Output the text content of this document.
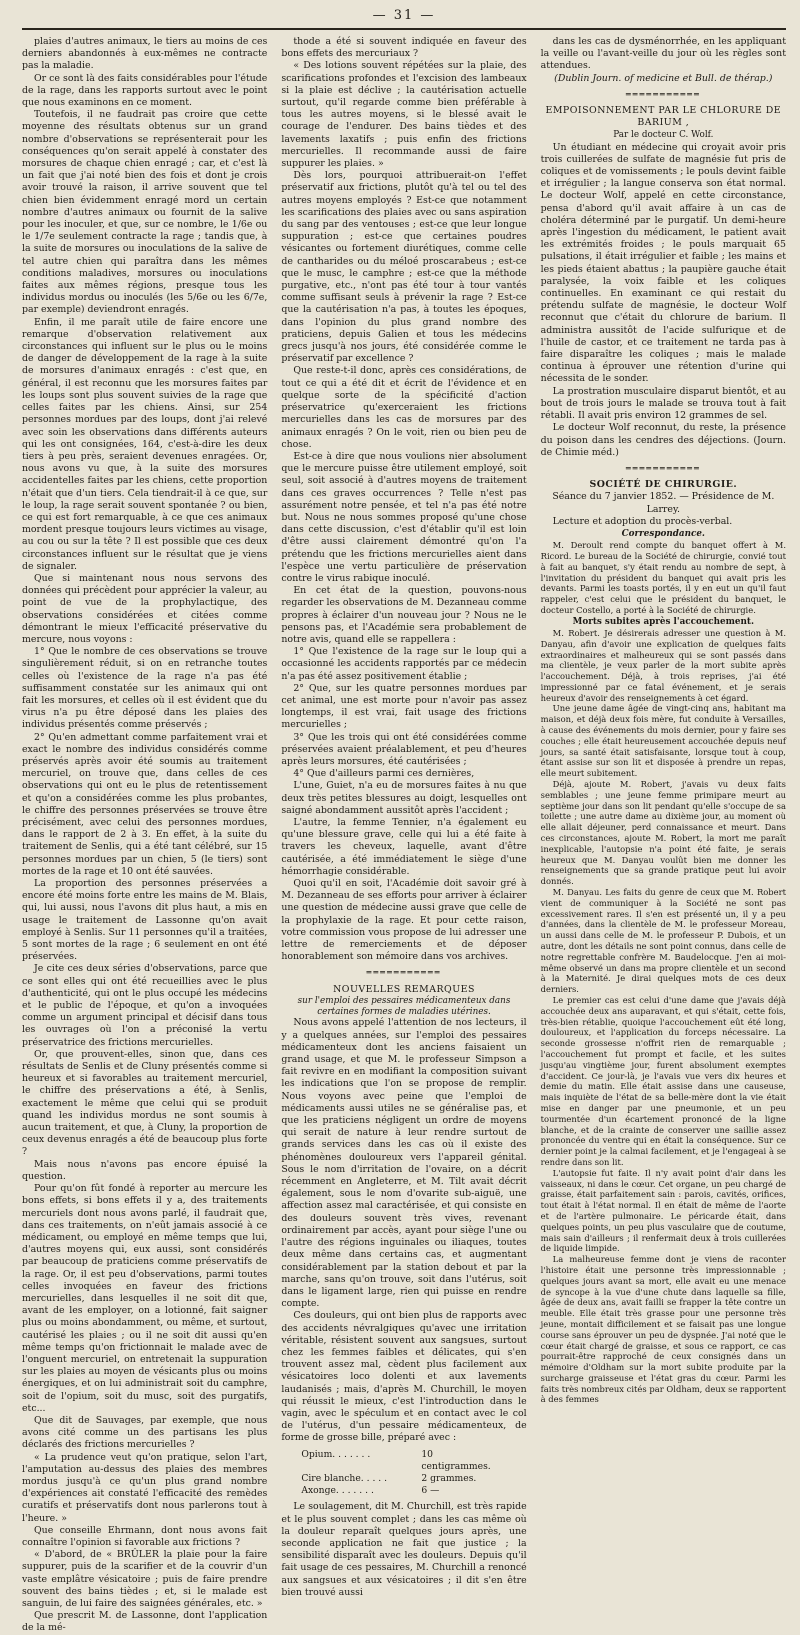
— 31 —

plaies d'autres animaux, le tiers au moins de ces derniers abandonnés à eux-mêmes ne contracte pas la maladie.

Or ce sont là des faits considérables pour l'étude de la rage, dans les rapports surtout avec le point que nous examinons en ce moment.

Toutefois, il ne faudrait pas croire que cette moyenne des résultats obtenus sur un grand nombre d'observations se représenterait pour les conséquences qu'on serait appelé à constater des morsures de chaque chien enragé ; car, et c'est là un fait que j'ai noté bien des fois et dont je crois avoir trouvé la raison, il arrive souvent que tel chien bien évidemment enragé mord un certain nombre d'autres animaux ou fournit de la salive pour les inoculer, et que, sur ce nombre, le 1/6e ou le 1/7e seulement contracte la rage ; tandis que, à la suite de morsures ou inoculations de la salive de tel autre chien qui paraîtra dans les mêmes conditions maladives, morsures ou inoculations faites aux mêmes régions, presque tous les individus mordus ou inoculés (les 5/6e ou les 6/7e, par exemple) deviendront enragés.

Enfin, il me paraît utile de faire encore une remarque d'observation relativement aux circonstances qui influent sur le plus ou le moins de danger de développement de la rage à la suite de morsures d'animaux enragés : c'est que, en général, il est reconnu que les morsures faites par les loups sont plus souvent suivies de la rage que celles faites par les chiens. Ainsi, sur 254 personnes mordues par des loups, dont j'ai relevé avec soin les observations dans différents auteurs qui les ont consignées, 164, c'est-à-dire les deux tiers à peu près, seraient devenues enragées. Or, nous avons vu que, à la suite des morsures accidentelles faites par les chiens, cette proportion n'était que d'un tiers. Cela tiendrait-il à ce que, sur le loup, la rage serait souvent spontanée ? ou bien, ce qui est fort remarquable, à ce que ces animaux mordent presque toujours leurs victimes au visage, au cou ou sur la tête ? Il est possible que ces deux circonstances influent sur le résultat que je viens de signaler.

Que si maintenant nous nous servons des données qui précèdent pour apprécier la valeur, au point de vue de la prophylactique, des observations considérées et citées comme démontrant le mieux l'efficacité préservative du mercure, nous voyons :

1° Que le nombre de ces observations se trouve singulièrement réduit, si on en retranche toutes celles où l'existence de la rage n'a pas été suffisamment constatée sur les animaux qui ont fait les morsures, et celles où il est évident que du virus n'a pu être déposé dans les plaies des individus présentés comme préservés ;

2° Qu'en admettant comme parfaitement vrai et exact le nombre des individus considérés comme préservés après avoir été soumis au traitement mercuriel, on trouve que, dans celles de ces observations qui ont eu le plus de retentissement et qu'on a considérées comme les plus probantes, le chiffre des personnes préservées se trouve être précisément, avec celui des personnes mordues, dans le rapport de 2 à 3. En effet, à la suite du traitement de Senlis, qui a été tant célébré, sur 15 personnes mordues par un chien, 5 (le tiers) sont mortes de la rage et 10 ont été sauvées.

La proportion des personnes préservées a encore été moins forte entre les mains de M. Blais, qui, lui aussi, nous l'avons dit plus haut, a mis en usage le traitement de Lassonne qu'on avait employé à Senlis. Sur 11 personnes qu'il a traitées, 5 sont mortes de la rage ; 6 seulement en ont été préservées.

Je cite ces deux séries d'observations, parce que ce sont elles qui ont été recueillies avec le plus d'authenticité, qui ont le plus occupé les médecins et le public de l'époque, et qu'on a invoquées comme un argument principal et décisif dans tous les ouvrages où l'on a préconisé la vertu préservatrice des frictions mercurielles.

Or, que prouvent-elles, sinon que, dans ces résultats de Senlis et de Cluny présentés comme si heureux et si favorables au traitement mercuriel, le chiffre des préservations a été, à Senlis, exactement le même que celui qui se produit quand les individus mordus ne sont soumis à aucun traitement, et que, à Cluny, la proportion de ceux devenus enragés a été de beaucoup plus forte ?

Mais nous n'avons pas encore épuisé la question.

Pour qu'on fût fondé à reporter au mercure les bons effets, si bons effets il y a, des traitements mercuriels dont nous avons parlé, il faudrait que, dans ces traitements, on n'eût jamais associé à ce médicament, ou employé en même temps que lui, d'autres moyens qui, eux aussi, sont considérés par beaucoup de praticiens comme préservatifs de la rage. Or, il est peu d'observations, parmi toutes celles invoquées en faveur des frictions mercurielles, dans lesquelles il ne soit dit que, avant de les employer, on a lotionné, fait saigner plus ou moins abondamment, ou même, et surtout, cautérisé les plaies ; ou il ne soit dit aussi qu'en même temps qu'on frictionnait le malade avec de l'onguent mercuriel, on entretenait la suppuration sur les plaies au moyen de vésicants plus ou moins énergiques, et on lui administrait soit du camphre, soit de l'opium, soit du musc, soit des purgatifs, etc...

Que dit de Sauvages, par exemple, que nous avons cité comme un des partisans les plus déclarés des frictions mercurielles ?

« La prudence veut qu'on pratique, selon l'art, l'amputation au-dessus des plaies des membres mordus jusqu'à ce qu'un plus grand nombre d'expériences ait constaté l'efficacité des remèdes curatifs et préservatifs dont nous parlerons tout à l'heure. »

Que conseille Ehrmann, dont nous avons fait connaître l'opinion si favorable aux frictions ?

« D'abord, de « BRÛLER la plaie pour la faire suppurer, puis de la scarifier et de la couvrir d'un vaste emplâtre vésicatoire ; puis de faire prendre souvent des bains tièdes ; et, si le malade est sanguin, de lui faire des saignées générales, etc. »

Que prescrit M. de Lassonne, dont l'application de la mé-

thode a été si souvent indiquée en faveur des bons effets des mercuriaux ?

« Des lotions souvent répétées sur la plaie, des scarifications profondes et l'excision des lambeaux si la plaie est déclive ; la cautérisation actuelle surtout, qu'il regarde comme bien préférable à tous les autres moyens, si le blessé avait le courage de l'endurer. Des bains tièdes et des lavements laxatifs ; puis enfin des frictions mercurielles. Il recommande aussi de faire suppurer les plaies. »

Dès lors, pourquoi attribuerait-on l'effet préservatif aux frictions, plutôt qu'à tel ou tel des autres moyens employés ? Est-ce que notamment les scarifications des plaies avec ou sans aspiration du sang par des ventouses ; est-ce que leur longue suppuration ; est-ce que certaines poudres vésicantes ou fortement diurétiques, comme celle de cantharides ou du méloé proscarabeus ; est-ce que le musc, le camphre ; est-ce que la méthode purgative, etc., n'ont pas été tour à tour vantés comme suffisant seuls à prévenir la rage ? Est-ce que la cautérisation n'a pas, à toutes les époques, dans l'opinion du plus grand nombre des praticiens, depuis Galien et tous les médecins grecs jusqu'à nos jours, été considérée comme le préservatif par excellence ?

Que reste-t-il donc, après ces considérations, de tout ce qui a été dit et écrit de l'évidence et en quelque sorte de la spécificité d'action préservatrice qu'exerceraient les frictions mercurielles dans les cas de morsures par des animaux enragés ? On le voit, rien ou bien peu de chose.

Est-ce à dire que nous voulions nier absolument que le mercure puisse être utilement employé, soit seul, soit associé à d'autres moyens de traitement dans ces graves occurrences ? Telle n'est pas assurément notre pensée, et tel n'a pas été notre but. Nous ne nous sommes proposé qu'une chose dans cette discussion, c'est d'établir qu'il est loin d'être aussi clairement démontré qu'on l'a prétendu que les frictions mercurielles aient dans l'espèce une vertu particulière de préservation contre le virus rabique inoculé.

En cet état de la question, pouvons-nous regarder les observations de M. Dezanneau comme propres à éclairer d'un nouveau jour ? Nous ne le pensons pas, et l'Académie sera probablement de notre avis, quand elle se rappellera :

1° Que l'existence de la rage sur le loup qui a occasionné les accidents rapportés par ce médecin n'a pas été assez positivement établie ;

2° Que, sur les quatre personnes mordues par cet animal, une est morte pour n'avoir pas assez longtemps, il est vrai, fait usage des frictions mercurielles ;

3° Que les trois qui ont été considérées comme préservées avaient préalablement, et peu d'heures après leurs morsures, été cautérisées ;

4° Que d'ailleurs parmi ces dernières,

L'une, Guiet, n'a eu de morsures faites à nu que deux très petites blessures au doigt, lesquelles ont saigné abondamment aussitôt après l'accident ;

L'autre, la femme Tennier, n'a également eu qu'une blessure grave, celle qui lui a été faite à travers les cheveux, laquelle, avant d'être cautérisée, a été immédiatement le siège d'une hémorrhagie considérable.

Quoi qu'il en soit, l'Académie doit savoir gré à M. Dezanneau de ses efforts pour arriver à éclairer une question de médecine aussi grave que celle de la prophylaxie de la rage. Et pour cette raison, votre commission vous propose de lui adresser une lettre de remerciements et de déposer honorablement son mémoire dans vos archives.

═══════════

NOUVELLES REMARQUES

sur l'emploi des pessaires médicamenteux dans certaines formes de maladies utérines.

Nous avons appelé l'attention de nos lecteurs, il y a quelques années, sur l'emploi des pessaires médicamenteux dont les anciens faisaient un grand usage, et que M. le professeur Simpson a fait revivre en en modifiant la composition suivant les indications que l'on se propose de remplir. Nous voyons avec peine que l'emploi de médicaments aussi utiles ne se généralise pas, et que les praticiens négligent un ordre de moyens qui serait de nature à leur rendre surtout de grands services dans les cas où il existe des phénomènes douloureux vers l'appareil génital. Sous le nom d'irritation de l'ovaire, on a décrit récemment en Angleterre, et M. Tilt avait décrit également, sous le nom d'ovarite sub-aiguë, une affection assez mal caractérisée, et qui consiste en des douleurs souvent très vives, revenant ordinairement par accès, ayant pour siège l'une ou l'autre des régions inguinales ou iliaques, toutes deux même dans certains cas, et augmentant considérablement par la station debout et par la marche, sans qu'on trouve, soit dans l'utérus, soit dans le ligament large, rien qui puisse en rendre compte.

Ces douleurs, qui ont bien plus de rapports avec des accidents névralgiques qu'avec une irritation véritable, résistent souvent aux sangsues, surtout chez les femmes faibles et délicates, qui s'en trouvent assez mal, cèdent plus facilement aux vésicatoires loco dolenti et aux lavements laudanisés ; mais, d'après M. Churchill, le moyen qui réussit le mieux, c'est l'introduction dans le vagin, avec le spéculum et en contact avec le col de l'utérus, d'un pessaire médicamenteux, de forme de grosse bille, préparé avec :

Opium. . . . . . .	10 centigrammes.
Cire blanche. . . . .	2 grammes.
Axonge. . . . . . .	6 —

Le soulagement, dit M. Churchill, est très rapide et le plus souvent complet ; dans les cas même où la douleur reparaît quelques jours après, une seconde application ne fait que justice ; la sensibilité disparaît avec les douleurs. Depuis qu'il fait usage de ces pessaires, M. Churchill a renoncé aux sangsues et aux vésicatoires ; il dit s'en être bien trouvé aussi

dans les cas de dysménorrhée, en les appliquant la veille ou l'avant-veille du jour où les règles sont attendues.

(Dublin Journ. of medicine et Bull. de thérap.)

═══════════

EMPOISONNEMENT PAR LE CHLORURE DE BARIUM ,

Par le docteur C. Wolf.

Un étudiant en médecine qui croyait avoir pris trois cuillerées de sulfate de magnésie fut pris de coliques et de vomissements ; le pouls devint faible et irrégulier ; la langue conserva son état normal. Le docteur Wolf, appelé en cette circonstance, pensa d'abord qu'il avait affaire à un cas de choléra déterminé par le purgatif. Un demi-heure après l'ingestion du médicament, le patient avait les extrémités froides ; le pouls marquait 65 pulsations, il était irrégulier et faible ; les mains et les pieds étaient abattus ; la paupière gauche était paralysée, la voix faible et les coliques continuelles. En examinant ce qui restait du prétendu sulfate de magnésie, le docteur Wolf reconnut que c'était du chlorure de barium. Il administra aussitôt de l'acide sulfurique et de l'huile de castor, et ce traitement ne tarda pas à faire disparaître les coliques ; mais le malade continua à éprouver une rétention d'urine qui nécessita de le sonder.

La prostration musculaire disparut bientôt, et au bout de trois jours le malade se trouva tout à fait rétabli. Il avait pris environ 12 grammes de sel.

Le docteur Wolf reconnut, du reste, la présence du poison dans les cendres des déjections. (Journ. de Chimie méd.)

═══════════

SOCIÉTÉ DE CHIRURGIE.

Séance du 7 janvier 1852. — Présidence de M. Larrey.

Lecture et adoption du procès-verbal.

Correspondance.

M. Deroult rend compte du banquet offert à M. Ricord. Le bureau de la Société de chirurgie, convié tout à fait au banquet, s'y était rendu au nombre de sept, à l'invitation du président du banquet qui avait pris les devants. Parmi les toasts portés, il y en eut un qu'il faut rappeler, c'est celui que le président du banquet, le docteur Costello, a porté à la Société de chirurgie.

Morts subites après l'accouchement.

M. Robert. Je désirerais adresser une question à M. Danyau, afin d'avoir une explication de quelques faits extraordinaires et malheureux qui se sont passés dans ma clientèle, je veux parler de la mort subite après l'accouchement. Déjà, à trois reprises, j'ai été impressionné par ce fatal événement, et je serais heureux d'avoir des renseignements à cet égard.

Une jeune dame âgée de vingt-cinq ans, habitant ma maison, et déjà deux fois mère, fut conduite à Versailles, à cause des événements du mois dernier, pour y faire ses couches ; elle était heureusement accouchée depuis neuf jours, sa santé était satisfaisante, lorsque tout à coup, étant assise sur son lit et disposée à prendre un repas, elle meurt subitement.

Déjà, ajoute M. Robert, j'avais vu deux faits semblables ; une jeune femme primipare meurt au septième jour dans son lit pendant qu'elle s'occupe de sa toilette ; une autre dame au dixième jour, au moment où elle allait déjeuner, perd connaissance et meurt. Dans ces circonstances, ajoute M. Robert, la mort me paraît inexplicable, l'autopsie n'a point été faite, je serais heureux que M. Danyau voulût bien me donner les renseignements que sa grande pratique peut lui avoir donnés.

M. Danyau. Les faits du genre de ceux que M. Robert vient de communiquer à la Société ne sont pas excessivement rares. Il s'en est présenté un, il y a peu d'années, dans la clientèle de M. le professeur Moreau, un aussi dans celle de M. le professeur P. Dubois, et un autre, dont les détails ne sont point connus, dans celle de notre regrettable confrère M. Baudelocque. J'en ai moi-même observé un dans ma propre clientèle et un second à la Maternité. Je dirai quelques mots de ces deux derniers.

Le premier cas est celui d'une dame que j'avais déjà accouchée deux ans auparavant, et qui s'était, cette fois, très-bien rétablie, quoique l'accouchement eût été long, douloureux, et l'application du forceps nécessaire. La seconde grossesse n'offrit rien de remarquable ; l'accouchement fut prompt et facile, et les suites jusqu'au vingtième jour, furent absolument exemptes d'accident. Ce jour-là, je l'avais vue vers dix heures et demie du matin. Elle était assise dans une causeuse, mais inquiète de l'état de sa belle-mère dont la vie était mise en danger par une pneumonie, et un peu tourmentée d'un écartement prononcé de la ligne blanche, et de la crainte de conserver une saillie assez prononcée du ventre qui en était la conséquence. Sur ce dernier point je la calmai facilement, et je l'engageai à se rendre dans son lit.

L'autopsie fut faite. Il n'y avait point d'air dans les vaisseaux, ni dans le cœur. Cet organe, un peu chargé de graisse, était parfaitement sain : parois, cavités, orifices, tout était à l'état normal. Il en était de même de l'aorte et de l'artère pulmonaire. Le péricarde était, dans quelques points, un peu plus vasculaire que de coutume, mais sain d'ailleurs ; il renfermait deux à trois cuillerées de liquide limpide.

La malheureuse femme dont je viens de raconter l'histoire était une personne très impressionnable ; quelques jours avant sa mort, elle avait eu une menace de syncope à la vue d'une chute dans laquelle sa fille, âgée de deux ans, avait failli se frapper la tête contre un meuble. Elle était très grasse pour une personne très jeune, montait difficilement et se faisait pas une longue course sans éprouver un peu de dyspnée. J'ai noté que le cœur était chargé de graisse, et sous ce rapport, ce cas pourrait-être rapproché de ceux consignés dans un mémoire d'Oldham sur la mort subite produite par la surcharge graisseuse et l'état gras du cœur. Parmi les faits très nombreux cités par Oldham, deux se rapportent à des femmes
